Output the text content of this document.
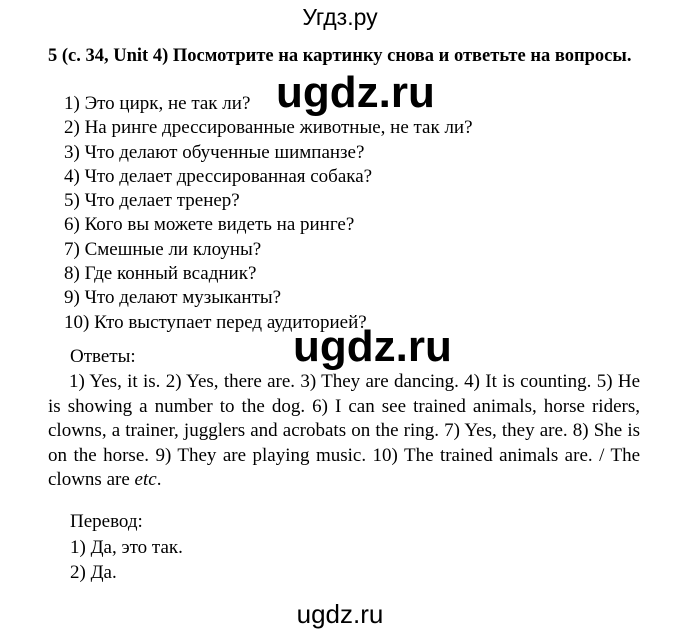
Угдз.ру
5 (с. 34, Unit 4) Посмотрите на картинку снова и ответьте на вопросы.
1) Это цирк, не так ли?
2) На ринге дрессированные животные, не так ли?
3) Что делают обученные шимпанзе?
4) Что делает дрессированная собака?
5) Что делает тренер?
6) Кого вы можете видеть на ринге?
7) Смешные ли клоуны?
8) Где конный всадник?
9) Что делают музыканты?
10) Кто выступает перед аудиторией?
Ответы:
1) Yes, it is. 2) Yes, there are. 3) They are dancing. 4) It is counting. 5) He is showing a number to the dog. 6) I can see trained animals, horse riders, clowns, a trainer, jugglers and acrobats on the ring. 7) Yes, they are. 8) She is on the horse. 9) They are playing music. 10) The trained animals are. / The clowns are etc.
Перевод:
1) Да, это так.
2) Да.
ugdz.ru
ugdz.ru
ugdz.ru
